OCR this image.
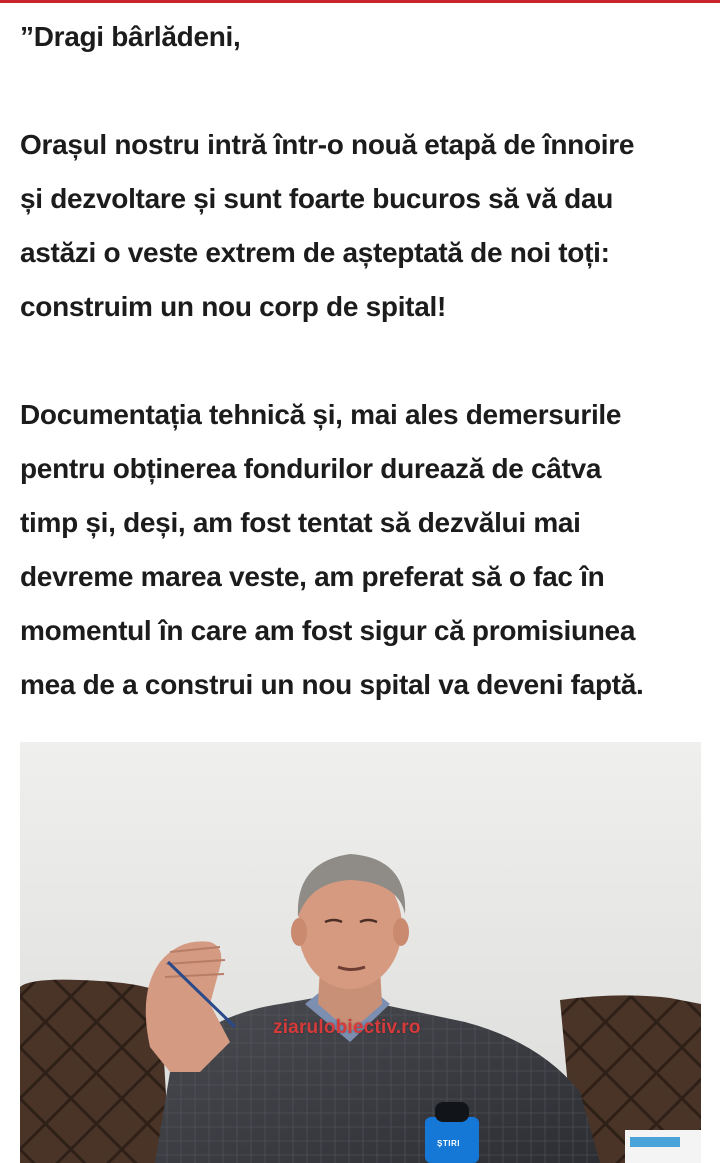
”Dragi bârlădeni,

Orașul nostru intră într-o nouă etapă de înnoire
și dezvoltare și sunt foarte bucuros să vă dau
astăzi o veste extrem de așteptată de noi toți:
construim un nou corp de spital!

Documentația tehnică și, mai ales demersurile
pentru obținerea fondurilor durează de câtva
timp și, deși, am fost tentat să dezvălui mai
devreme marea veste, am preferat să o fac în
momentul în care am fost sigur că promisiunea
mea de a construi un nou spital va deveni faptă.

ziarulobiectiv.ro
ȘTIRI
